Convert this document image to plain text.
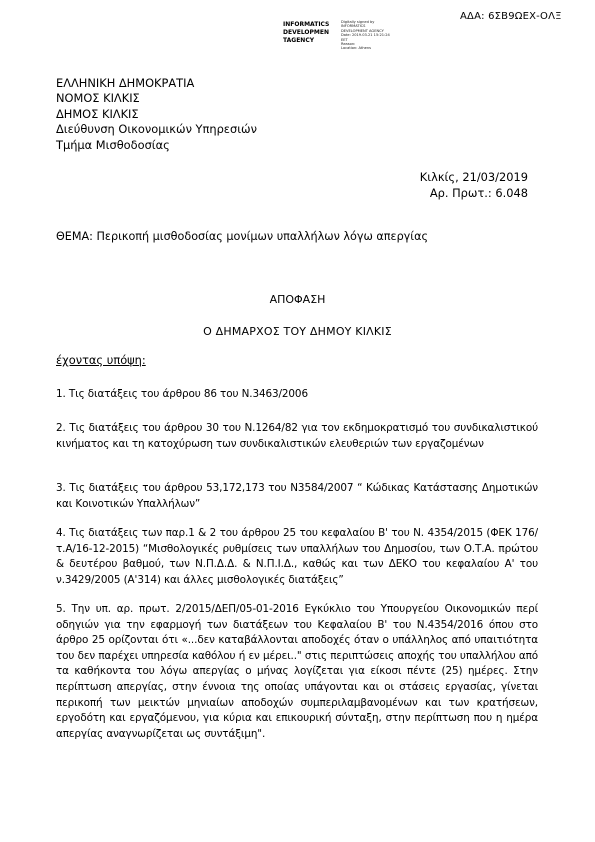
ΑΔΑ: 6ΣΒ9ΩΕΧ-ΟΛΞ
INFORMATICS
DEVELOPMEN
TAGENCY
Digitally signed by
INFORMATICS
DEVELOPMENT AGENCY
Date: 2019.03.21 15:21:24
EET
Reason:
Location: Athens
ΕΛΛΗΝΙΚΗ ΔΗΜΟΚΡΑΤΙΑ
ΝΟΜΟΣ ΚΙΛΚΙΣ
ΔΗΜΟΣ ΚΙΛΚΙΣ
Διεύθυνση Οικονομικών Υπηρεσιών
Τμήμα Μισθοδοσίας
Κιλκίς, 21/03/2019
Αρ. Πρωτ.: 6.048
ΘΕΜΑ: Περικοπή μισθοδοσίας μονίμων υπαλλήλων λόγω απεργίας
ΑΠΟΦΑΣΗ
Ο ΔΗΜΑΡΧΟΣ ΤΟΥ ΔΗΜΟΥ ΚΙΛΚΙΣ
έχοντας υπόψη:
1. Τις διατάξεις του άρθρου 86 του Ν.3463/2006
2. Τις διατάξεις του άρθρου 30 του Ν.1264/82 για τον εκδημοκρατισμό του συνδικαλιστικού κινήματος και τη κατοχύρωση των συνδικαλιστικών ελευθεριών των εργαζομένων
3. Τις διατάξεις του άρθρου 53,172,173 του Ν3584/2007 “ Κώδικας Κατάστασης Δημοτικών και Κοινοτικών Υπαλλήλων”
4. Τις διατάξεις των παρ.1 & 2 του άρθρου 25 του κεφαλαίου Β' του Ν. 4354/2015 (ΦΕΚ 176/τ.Α/16-12-2015) “Μισθολογικές ρυθμίσεις των υπαλλήλων του Δημοσίου, των Ο.Τ.Α. πρώτου & δευτέρου βαθμού, των Ν.Π.Δ.Δ. & Ν.Π.Ι.Δ., καθώς και των ΔΕΚΟ του κεφαλαίου Α' του ν.3429/2005 (Α'314) και άλλες μισθολογικές διατάξεις”
5. Την υπ. αρ. πρωτ. 2/2015/ΔΕΠ/05-01-2016 Εγκύκλιο του Υπουργείου Οικονομικών περί οδηγιών για την εφαρμογή των διατάξεων του Κεφαλαίου Β' του Ν.4354/2016 όπου στο άρθρο 25 ορίζονται ότι «...δεν καταβάλλονται αποδοχές όταν ο υπάλληλος από υπαιτιότητα του δεν παρέχει υπηρεσία καθόλου ή εν μέρει.." στις περιπτώσεις αποχής του υπαλλήλου από τα καθήκοντα του λόγω απεργίας ο μήνας λογίζεται για είκοσι πέντε (25) ημέρες. Στην περίπτωση απεργίας, στην έννοια της οποίας υπάγονται και οι στάσεις εργασίας, γίνεται περικοπή των μεικτών μηνιαίων αποδοχών συμπεριλαμβανομένων και των κρατήσεων, εργοδότη και εργαζόμενου, για κύρια και επικουρική σύνταξη, στην περίπτωση που η ημέρα απεργίας αναγνωρίζεται ως συντάξιμη".
